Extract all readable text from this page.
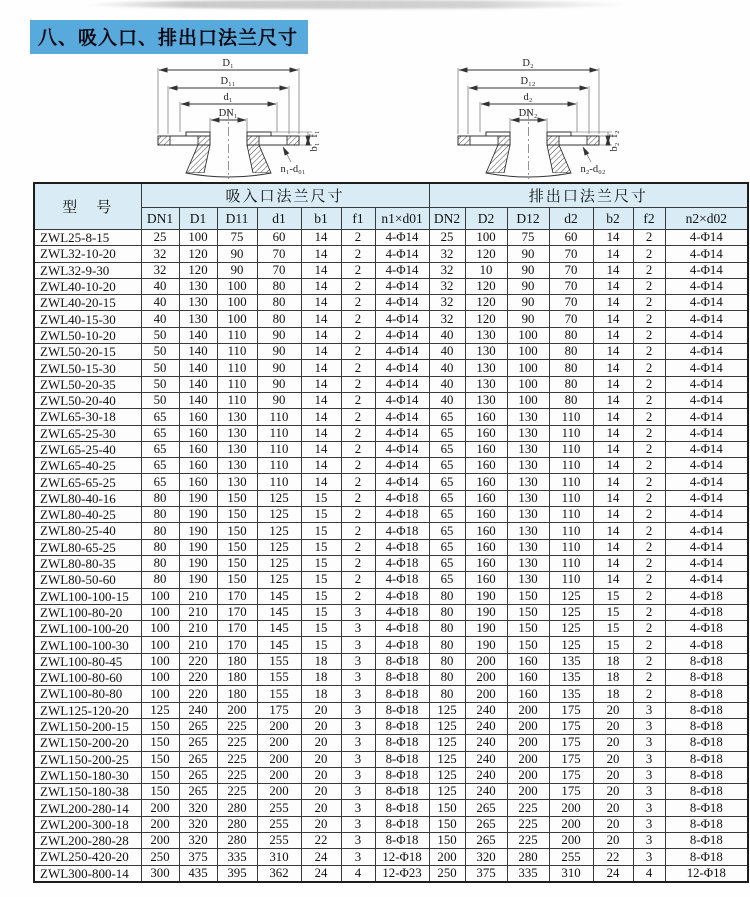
八、吸入口、排出口法兰尺寸
D₁
D₁₁
d₁
DN₁
f₁
b₁
n₁-d₀₁
D₂
D₁₂
d₂
DN₂
f₂
b₂
n₂-d₀₂
型　号	吸入口法兰尺寸							排出口法兰尺寸						
	DN1	D1	D11	d1	b1	f1	n1×d01	DN2	D2	D12	d2	b2	f2	n2×d02
ZWL25-8-15	25	100	75	60	14	2	4-Φ14	25	100	75	60	14	2	4-Φ14
ZWL32-10-20	32	120	90	70	14	2	4-Φ14	32	120	90	70	14	2	4-Φ14
ZWL32-9-30	32	120	90	70	14	2	4-Φ14	32	10	90	70	14	2	4-Φ14
ZWL40-10-20	40	130	100	80	14	2	4-Φ14	32	120	90	70	14	2	4-Φ14
ZWL40-20-15	40	130	100	80	14	2	4-Φ14	32	120	90	70	14	2	4-Φ14
ZWL40-15-30	40	130	100	80	14	2	4-Φ14	32	120	90	70	14	2	4-Φ14
ZWL50-10-20	50	140	110	90	14	2	4-Φ14	40	130	100	80	14	2	4-Φ14
ZWL50-20-15	50	140	110	90	14	2	4-Φ14	40	130	100	80	14	2	4-Φ14
ZWL50-15-30	50	140	110	90	14	2	4-Φ14	40	130	100	80	14	2	4-Φ14
ZWL50-20-35	50	140	110	90	14	2	4-Φ14	40	130	100	80	14	2	4-Φ14
ZWL50-20-40	50	140	110	90	14	2	4-Φ14	40	130	100	80	14	2	4-Φ14
ZWL65-30-18	65	160	130	110	14	2	4-Φ14	65	160	130	110	14	2	4-Φ14
ZWL65-25-30	65	160	130	110	14	2	4-Φ14	65	160	130	110	14	2	4-Φ14
ZWL65-25-40	65	160	130	110	14	2	4-Φ14	65	160	130	110	14	2	4-Φ14
ZWL65-40-25	65	160	130	110	14	2	4-Φ14	65	160	130	110	14	2	4-Φ14
ZWL65-65-25	65	160	130	110	14	2	4-Φ14	65	160	130	110	14	2	4-Φ14
ZWL80-40-16	80	190	150	125	15	2	4-Φ18	65	160	130	110	14	2	4-Φ14
ZWL80-40-25	80	190	150	125	15	2	4-Φ18	65	160	130	110	14	2	4-Φ14
ZWL80-25-40	80	190	150	125	15	2	4-Φ18	65	160	130	110	14	2	4-Φ14
ZWL80-65-25	80	190	150	125	15	2	4-Φ18	65	160	130	110	14	2	4-Φ14
ZWL80-80-35	80	190	150	125	15	2	4-Φ18	65	160	130	110	14	2	4-Φ14
ZWL80-50-60	80	190	150	125	15	2	4-Φ18	65	160	130	110	14	2	4-Φ14
ZWL100-100-15	100	210	170	145	15	2	4-Φ18	80	190	150	125	15	2	4-Φ18
ZWL100-80-20	100	210	170	145	15	3	4-Φ18	80	190	150	125	15	2	4-Φ18
ZWL100-100-20	100	210	170	145	15	3	4-Φ18	80	190	150	125	15	2	4-Φ18
ZWL100-100-30	100	210	170	145	15	3	4-Φ18	80	190	150	125	15	2	4-Φ18
ZWL100-80-45	100	220	180	155	18	3	8-Φ18	80	200	160	135	18	2	8-Φ18
ZWL100-80-60	100	220	180	155	18	3	8-Φ18	80	200	160	135	18	2	8-Φ18
ZWL100-80-80	100	220	180	155	18	3	8-Φ18	80	200	160	135	18	2	8-Φ18
ZWL125-120-20	125	240	200	175	20	3	8-Φ18	125	240	200	175	20	3	8-Φ18
ZWL150-200-15	150	265	225	200	20	3	8-Φ18	125	240	200	175	20	3	8-Φ18
ZWL150-200-20	150	265	225	200	20	3	8-Φ18	125	240	200	175	20	3	8-Φ18
ZWL150-200-25	150	265	225	200	20	3	8-Φ18	125	240	200	175	20	3	8-Φ18
ZWL150-180-30	150	265	225	200	20	3	8-Φ18	125	240	200	175	20	3	8-Φ18
ZWL150-180-38	150	265	225	200	20	3	8-Φ18	125	240	200	175	20	3	8-Φ18
ZWL200-280-14	200	320	280	255	20	3	8-Φ18	150	265	225	200	20	3	8-Φ18
ZWL200-300-18	200	320	280	255	20	3	8-Φ18	150	265	225	200	20	3	8-Φ18
ZWL200-280-28	200	320	280	255	22	3	8-Φ18	150	265	225	200	20	3	8-Φ18
ZWL250-420-20	250	375	335	310	24	3	12-Φ18	200	320	280	255	22	3	8-Φ18
ZWL300-800-14	300	435	395	362	24	4	12-Φ23	250	375	335	310	24	4	12-Φ18
